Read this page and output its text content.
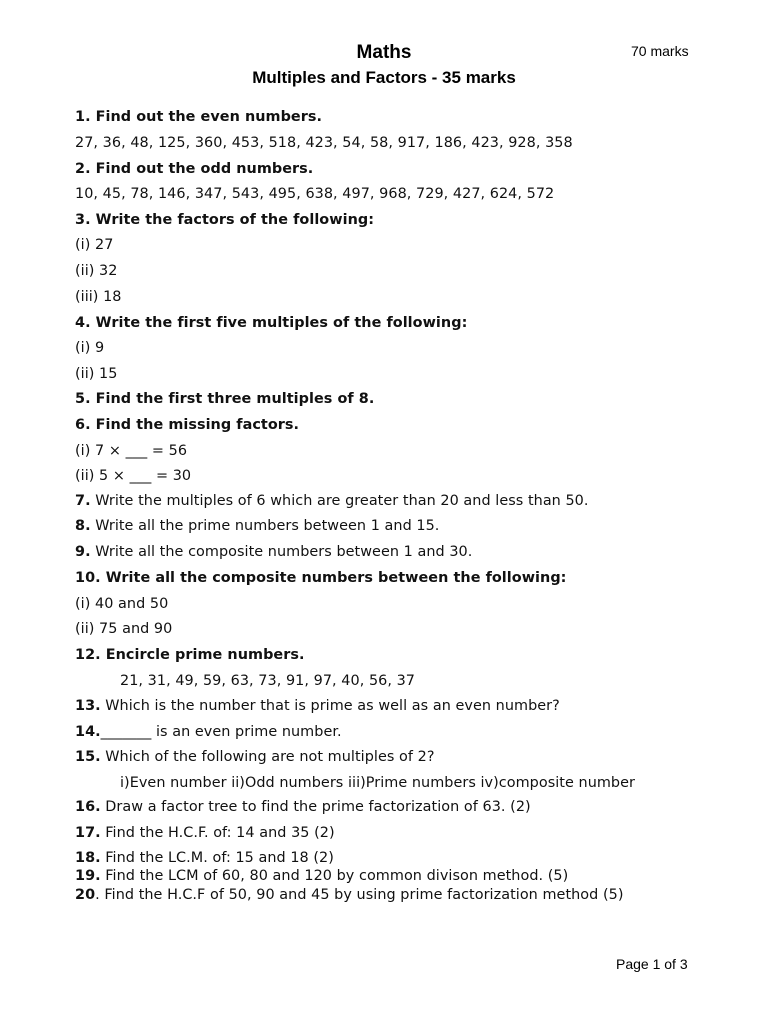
Maths
Multiples and Factors - 35 marks
70 marks
1. Find out the even numbers.
27, 36, 48, 125, 360, 453, 518, 423, 54, 58, 917, 186, 423, 928, 358
2. Find out the odd numbers.
10, 45, 78, 146, 347, 543, 495, 638, 497, 968, 729, 427, 624, 572
3. Write the factors of the following:
(i) 27
(ii) 32
(iii) 18
4. Write the first five multiples of the following:
(i) 9
(ii) 15
5. Find the first three multiples of 8.
6. Find the missing factors.
(i) 7 × ___ = 56
(ii) 5 × ___ = 30
7. Write the multiples of 6 which are greater than 20 and less than 50.
8. Write all the prime numbers between 1 and 15.
9. Write all the composite numbers between 1 and 30.
10. Write all the composite numbers between the following:
(i) 40 and 50
(ii) 75 and 90
12. Encircle prime numbers.
21, 31, 49, 59, 63, 73, 91, 97, 40, 56, 37
13. Which is the number that is prime as well as an even number?
14._______ is an even prime number.
15. Which of the following are not multiples of 2?
i)Even number ii)Odd numbers iii)Prime numbers iv)composite number
16. Draw a factor tree to find the prime factorization of 63. (2)
17. Find the H.C.F. of: 14 and 35 (2)
18. Find the LC.M. of: 15 and 18 (2)
19. Find the LCM of 60, 80 and 120 by common divison method. (5)
20. Find the H.C.F of 50, 90 and 45 by using prime factorization method (5)
Page 1 of 3
